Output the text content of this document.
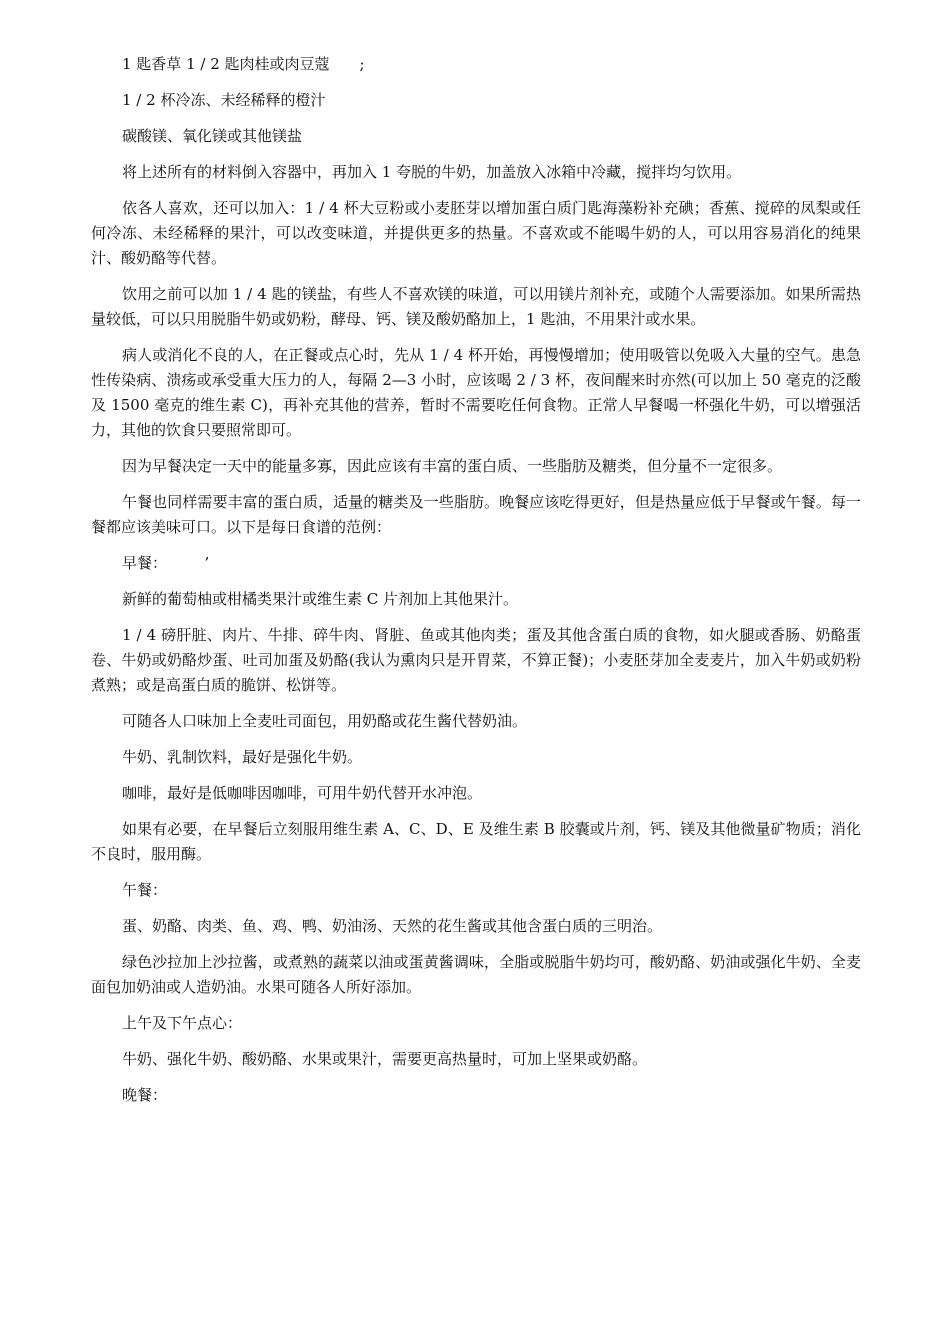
1 匙香草 1 / 2 匙肉桂或肉豆蔻　　;

1 / 2 杯冷冻、未经稀释的橙汁

碳酸镁、氧化镁或其他镁盐

将上述所有的材料倒入容器中，再加入 1 夸脱的牛奶，加盖放入冰箱中冷藏，搅拌均匀饮用。

依各人喜欢，还可以加入：1 / 4 杯大豆粉或小麦胚芽以增加蛋白质门匙海藻粉补充碘；香蕉、搅碎的凤梨或任何冷冻、未经稀释的果汁，可以改变味道，并提供更多的热量。不喜欢或不能喝牛奶的人，可以用容易消化的纯果汁、酸奶酪等代替。

饮用之前可以加 1 / 4 匙的镁盐，有些人不喜欢镁的味道，可以用镁片剂补充，或随个人需要添加。如果所需热量较低，可以只用脱脂牛奶或奶粉，酵母、钙、镁及酸奶酪加上，1 匙油，不用果汁或水果。

病人或消化不良的人，在正餐或点心时，先从 1 / 4 杯开始，再慢慢增加；使用吸管以免吸入大量的空气。患急性传染病、溃疡或承受重大压力的人，每隔 2—3 小时，应该喝 2 / 3 杯，夜间醒来时亦然(可以加上 50 毫克的泛酸及 1500 毫克的维生素 C)，再补充其他的营养，暂时不需要吃任何食物。正常人早餐喝一杯强化牛奶，可以增强活力，其他的饮食只要照常即可。

因为早餐决定一天中的能量多寡，因此应该有丰富的蛋白质、一些脂肪及糖类，但分量不一定很多。

午餐也同样需要丰富的蛋白质，适量的糖类及一些脂肪。晚餐应该吃得更好，但是热量应低于早餐或午餐。每一餐都应该美味可口。以下是每日食谱的范例：

早餐：　　　’

新鲜的葡萄柚或柑橘类果汁或维生素 C 片剂加上其他果汁。

1 / 4 磅肝脏、肉片、牛排、碎牛肉、肾脏、鱼或其他肉类；蛋及其他含蛋白质的食物，如火腿或香肠、奶酪蛋卷、牛奶或奶酪炒蛋、吐司加蛋及奶酪(我认为熏肉只是开胃菜，不算正餐)；小麦胚芽加全麦麦片，加入牛奶或奶粉煮熟；或是高蛋白质的脆饼、松饼等。

可随各人口味加上全麦吐司面包，用奶酪或花生酱代替奶油。

牛奶、乳制饮料，最好是强化牛奶。

咖啡，最好是低咖啡因咖啡，可用牛奶代替开水冲泡。

如果有必要，在早餐后立刻服用维生素 A、C、D、E 及维生素 B 胶囊或片剂，钙、镁及其他微量矿物质；消化不良时，服用酶。

午餐：

蛋、奶酪、肉类、鱼、鸡、鸭、奶油汤、天然的花生酱或其他含蛋白质的三明治。

绿色沙拉加上沙拉酱，或煮熟的蔬菜以油或蛋黄酱调味，全脂或脱脂牛奶均可，酸奶酪、奶油或强化牛奶、全麦面包加奶油或人造奶油。水果可随各人所好添加。

上午及下午点心：

牛奶、强化牛奶、酸奶酪、水果或果汁，需要更高热量时，可加上坚果或奶酪。

晚餐：
